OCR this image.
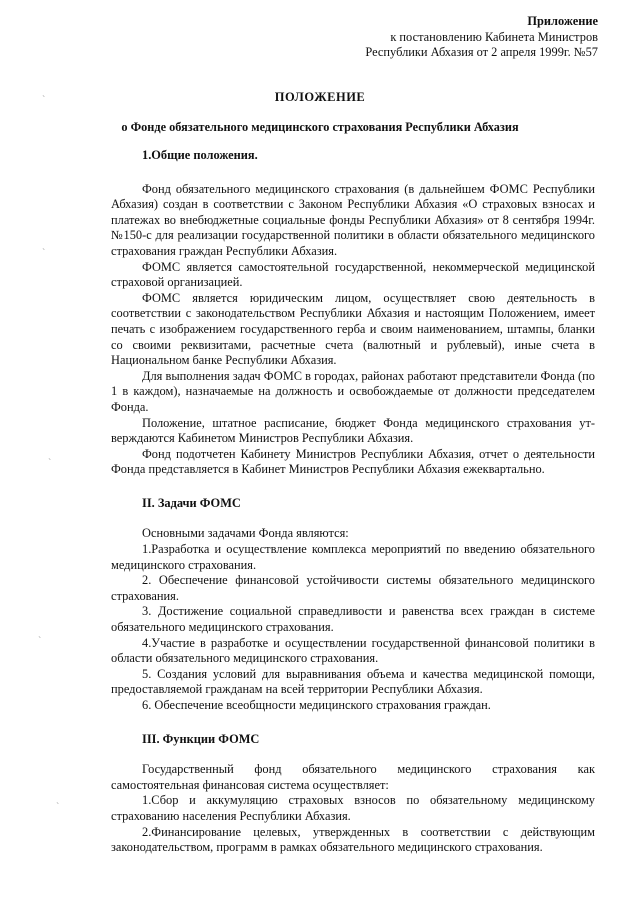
Приложение
к постановлению Кабинета Министров
Республики Абхазия от 2 апреля 1999г. №57
ПОЛОЖЕНИЕ
о Фонде обязательного медицинского страхования Республики Абхазия
1.Общие положения.

Фонд обязательного медицинского страхования (в дальнейшем ФОМС Республики Абхазия) создан в соответствии с Законом Республики Абхазия «О страховых взносах и платежах во внебюджетные социальные фонды Республики Абхазия» от 8 сентября 1994г. №150-с для реализации государственной политики в области обязательного медицинского страхования граждан Республики Абхазия.

ФОМС является самостоятельной государственной, некоммерческой медицинской страховой организацией.

ФОМС является юридическим лицом, осуществляет свою деятельность в соответствии с законодательством Республики Абхазия и настоящим Положением, имеет печать с изображением государственного герба и своим наименованием, штампы, бланки со своими реквизитами, расчетные счета (валютный и рублевый), иные счета в Национальном банке Республики Абхазия.

Для выполнения задач ФОМС в городах, районах работают представители Фонда (по 1 в каждом), назначаемые на должность и освобождаемые от должности председателем Фонда.

Положение, штатное расписание, бюджет Фонда медицинского страхования ут-верждаются Кабинетом Министров Республики Абхазия.

Фонд подотчетен Кабинету Министров Республики Абхазия, отчет о деятельности Фонда представляется в Кабинет Министров Республики Абхазия ежеквартально.

II. Задачи ФОМС

Основными задачами Фонда являются:

1.Разработка и осуществление комплекса мероприятий по введению обязательного медицинского страхования.

2. Обеспечение финансовой устойчивости системы обязательного медицинского страхования.

3. Достижение социальной справедливости и равенства всех граждан в системе обязательного медицинского страхования.

4.Участие в разработке и осуществлении государственной финансовой политики в области обязательного медицинского страхования.

5. Создания условий для выравнивания объема и качества медицинской помощи, предоставляемой гражданам на всей территории Республики Абхазия.

6. Обеспечение всеобщности медицинского страхования граждан.

III. Функции ФОМС

Государственный фонд обязательного медицинского страхования как самостоятельная финансовая система осуществляет:

1.Сбор и аккумуляцию страховых взносов по обязательному медицинскому страхованию населения Республики Абхазия.

2.Финансирование целевых, утвержденных в соответствии с действующим законодательством, программ в рамках обязательного медицинского страхования.

ˋ
ˋ
ˋ
ˋ
ˋ
